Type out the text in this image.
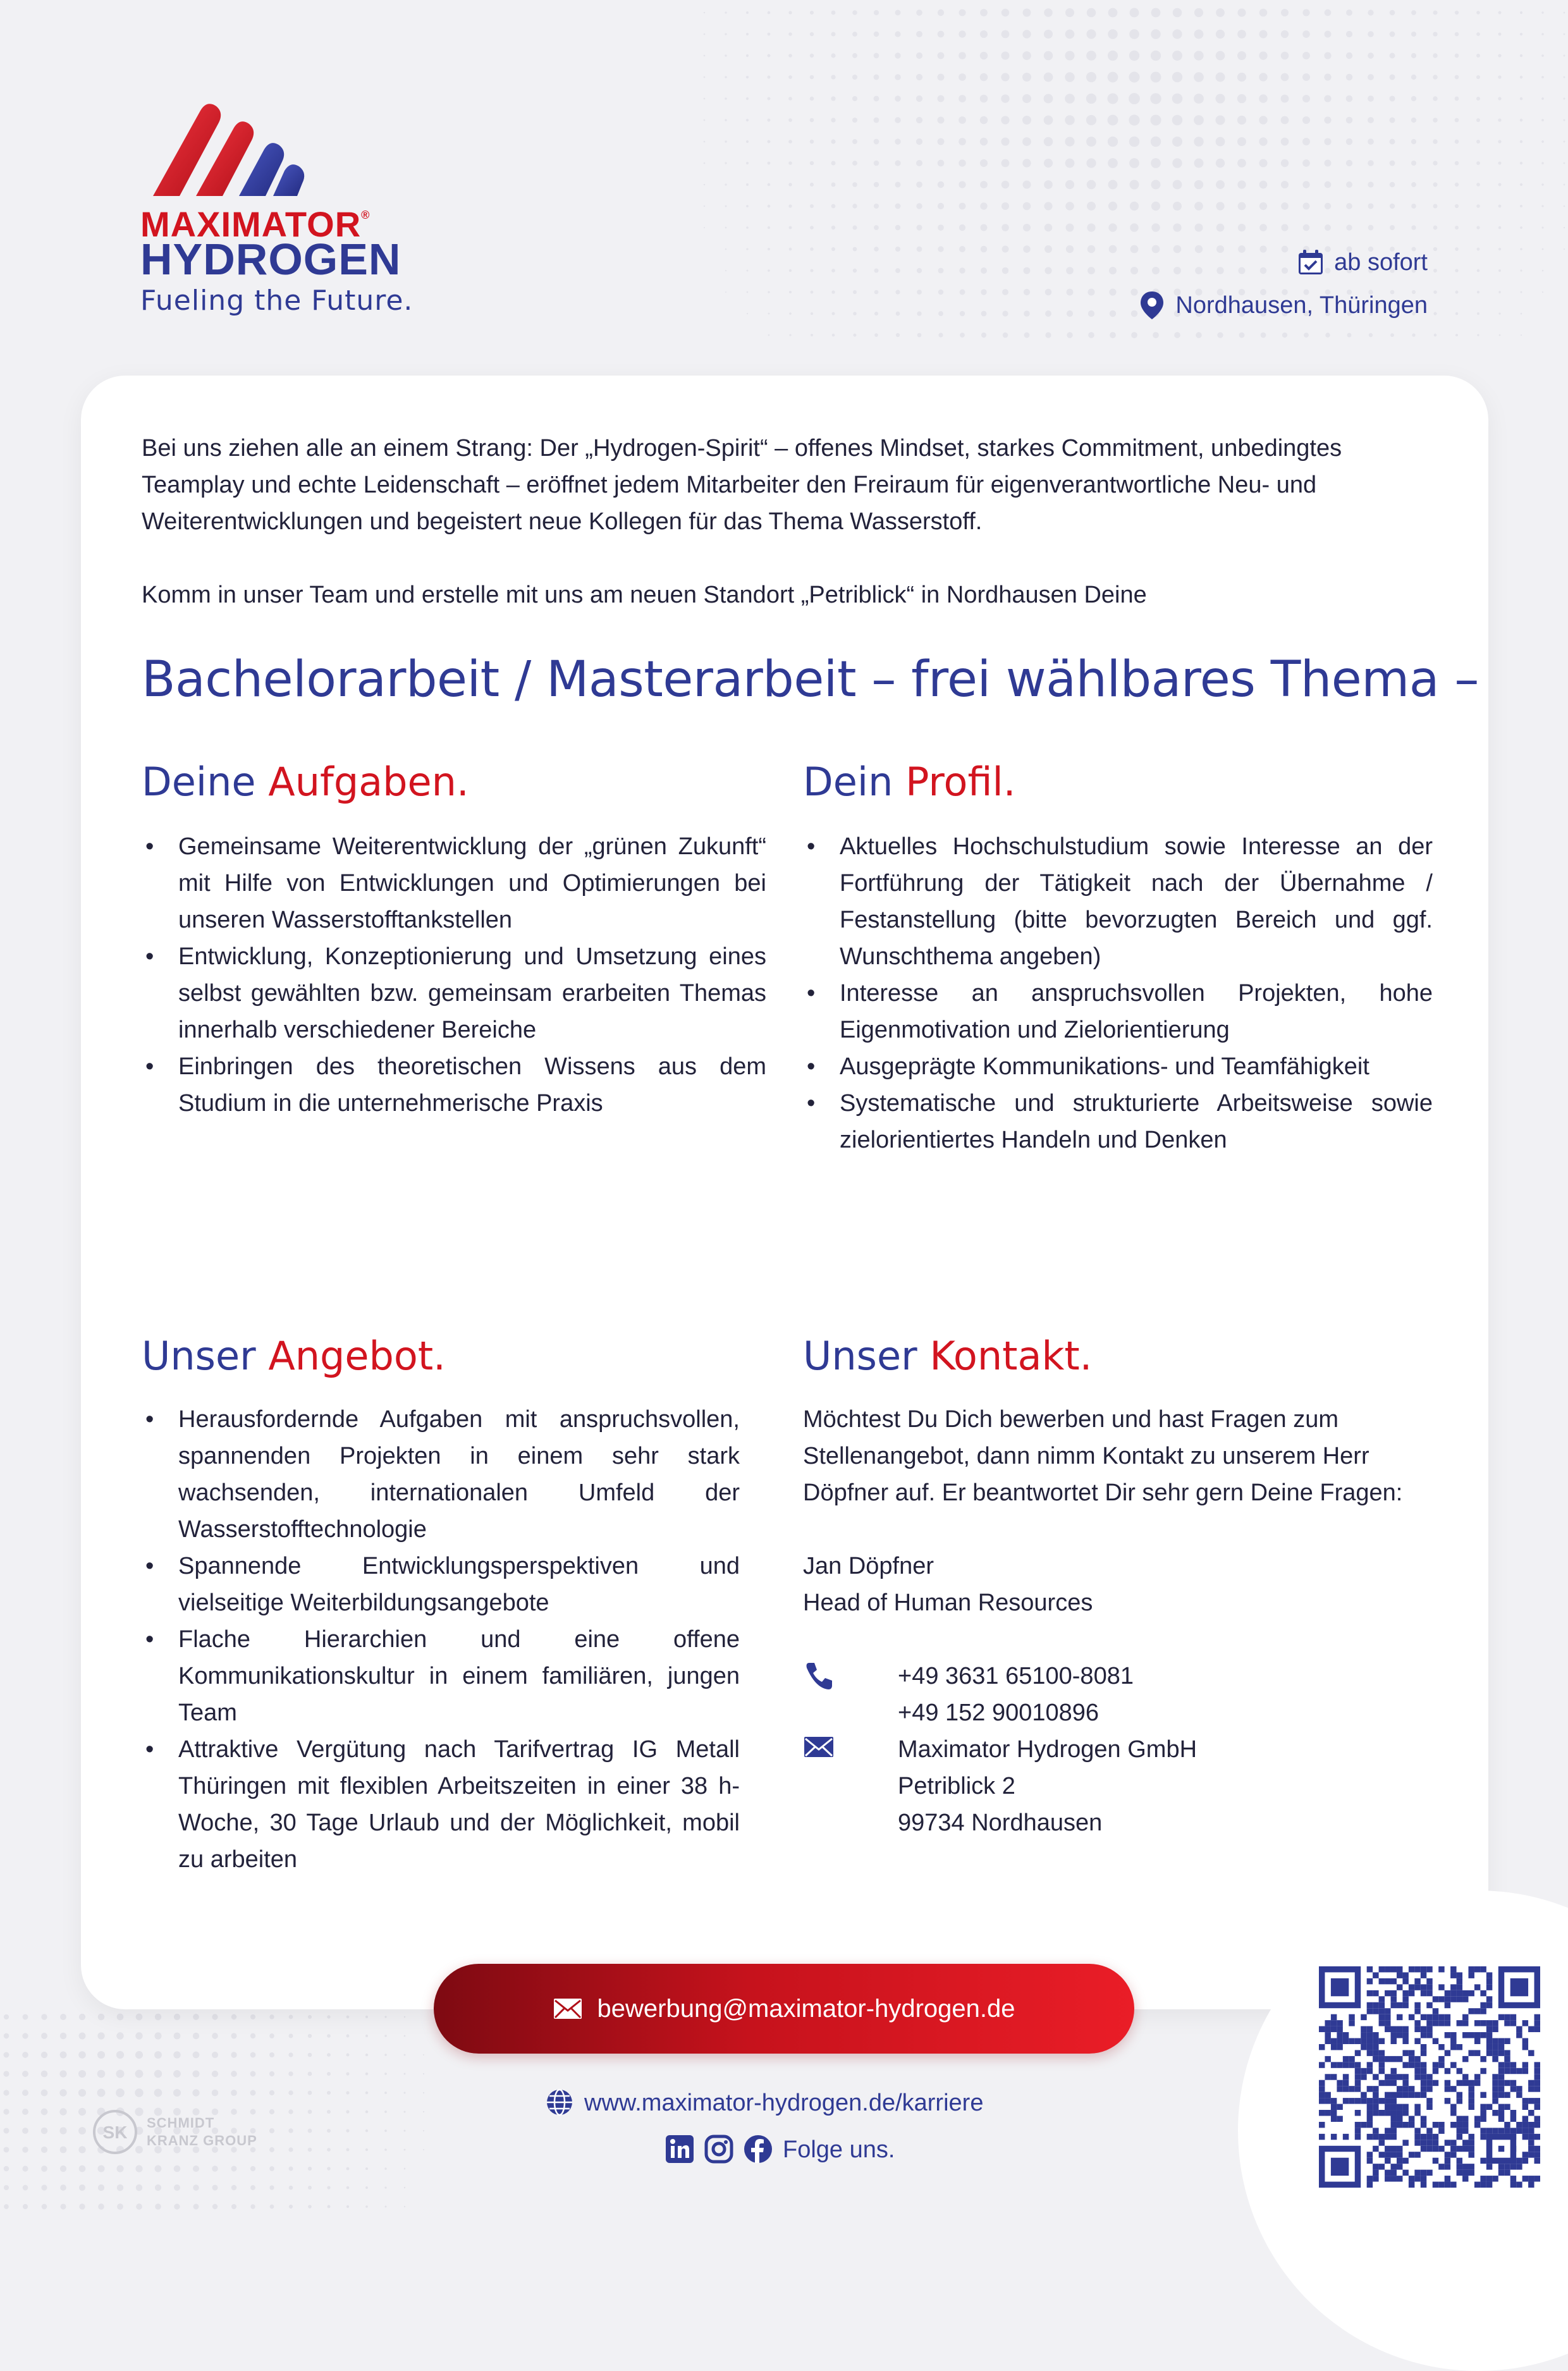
MAXIMATOR®
HYDROGEN
Fueling the Future.
ab sofort
Nordhausen, Thüringen

Bei uns ziehen alle an einem Strang: Der „Hydrogen-Spirit“ – offenes Mindset, starkes Commitment, unbedingtes Teamplay und echte Leidenschaft – eröffnet jedem Mitarbeiter den Freiraum für eigenverantwortliche Neu- und Weiterentwicklungen und begeistert neue Kollegen für das Thema Wasserstoff.

Komm in unser Team und erstelle mit uns am neuen Standort „Petriblick“ in Nordhausen Deine

Bachelorarbeit / Masterarbeit – frei wählbares Thema –
Deine Aufgaben.
• Gemeinsame Weiterentwicklung der „grünen Zukunft“ mit Hilfe von Entwicklungen und Optimierungen bei unseren Wasserstofftankstellen
• Entwicklung, Konzeptionierung und Umsetzung eines selbst gewählten bzw. gemeinsam erarbeiten Themas innerhalb verschiedener Bereiche
• Einbringen des theoretischen Wissens aus dem Studium in die unternehmerische Praxis
Dein Profil.
• Aktuelles Hochschulstudium sowie Interesse an der Fortführung der Tätigkeit nach der Übernahme / Festanstellung (bitte bevorzugten Bereich und ggf. Wunschthema angeben)
• Interesse an anspruchsvollen Projekten, hohe Eigenmotivation und Zielorientierung
• Ausgeprägte Kommunikations- und Teamfähigkeit
• Systematische und strukturierte Arbeitsweise sowie zielorientiertes Handeln und Denken
Unser Angebot.
• Herausfordernde Aufgaben mit anspruchsvollen, spannenden Projekten in einem sehr stark wachsenden, internationalen Umfeld der Wasserstofftechnologie
• Spannende Entwicklungsperspektiven und vielseitige Weiterbildungsangebote
• Flache Hierarchien und eine offene Kommunikationskultur in einem familiären, jungen Team
• Attraktive Vergütung nach Tarifvertrag IG Metall Thüringen mit flexiblen Arbeitszeiten in einer 38 h-Woche, 30 Tage Urlaub und der Möglichkeit, mobil zu arbeiten
Unser Kontakt.
Möchtest Du Dich bewerben und hast Fragen zum Stellenangebot, dann nimm Kontakt zu unserem Herr Döpfner auf. Er beantwortet Dir sehr gern Deine Fragen:
Jan Döpfner
Head of Human Resources
+49 3631 65100-8081
+49 152 90010896
Maximator Hydrogen GmbH
Petriblick 2
99734 Nordhausen
bewerbung@maximator-hydrogen.de
www.maximator-hydrogen.de/karriere
Folge uns.
SK SCHMIDT
KRANZ GROUP
